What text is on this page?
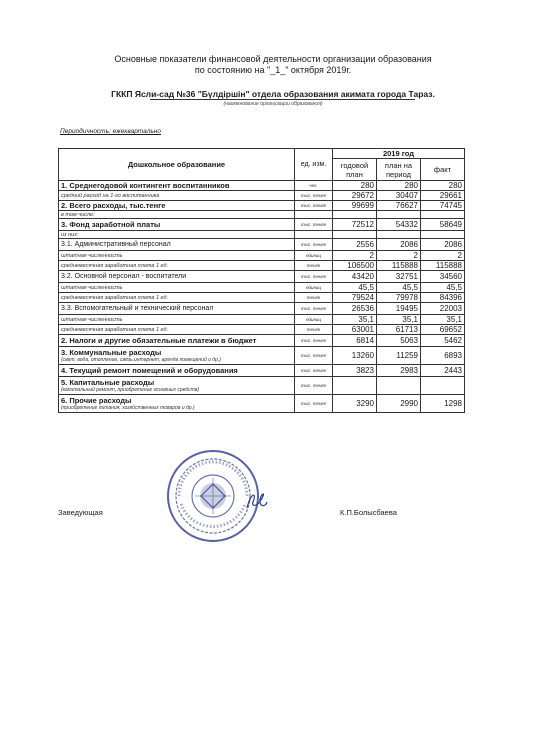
Основные показатели финансовой деятельности организации образования
по состоянию на "_1_" октября 2019г.
ГККП Ясли-сад №36 "Бүлдіршін" отдела образования акимата города Тараз.
(наименование организации образования)
Периодичность: ежеквартально
Дошкольное образование	ед. изм.	2019 год		
		годовой план	план на период	факт
1. Среднегодовой контингент воспитанников	чел.	280	280	280
средний расход на 1-го воспитанника	тыс. тенге	29672	30407	29661
2. Всего расходы, тыс.тенге	тыс. тенге	99699	76627	74745
в том числе:				
3. Фонд заработной платы	тыс. тенге	72512	54332	58649
из них:				
3.1. Административный персонал	тыс. тенге	2556	2086	2086
штатная численность	единиц	2	2	2
среднемесячная заработная плата 1 ед.	тенге	106500	115888	115888
3.2. Основной персонал - воспитатели	тыс. тенге	43420	32751	34560
штатная численность	единиц	45,5	45,5	45,5
среднемесячная заработная плата 1 ед.	тенге	79524	79978	84396
3.3. Вспомогательный и технический персонал	тыс. тенге	26536	19495	22003
штатная численность	единиц	35,1	35,1	35,1
среднемесячная заработная плата 1 ед.	тенге	63001	61713	69652
2. Налоги и другие обязательные платежи в бюджет	тыс. тенге	6814	5063	5462
3. Коммунальные расходы
(свет, вода, отопление, связь,интернет, аренда помещений и др.)	тыс. тенге	13260	11259	6893
4. Текущий ремонт помещений и оборудования	тыс. тенге	3823	2983	2443
5. Капитальные расходы
(капитальный ремонт, приобретение основных средств)	тыс. тенге			
6. Прочие расходы
(приобретение питания, хозяйственных товаров и др.)	тыс. тенге	3290	2990	1298
Заведующая	К.П.Болысбаева
